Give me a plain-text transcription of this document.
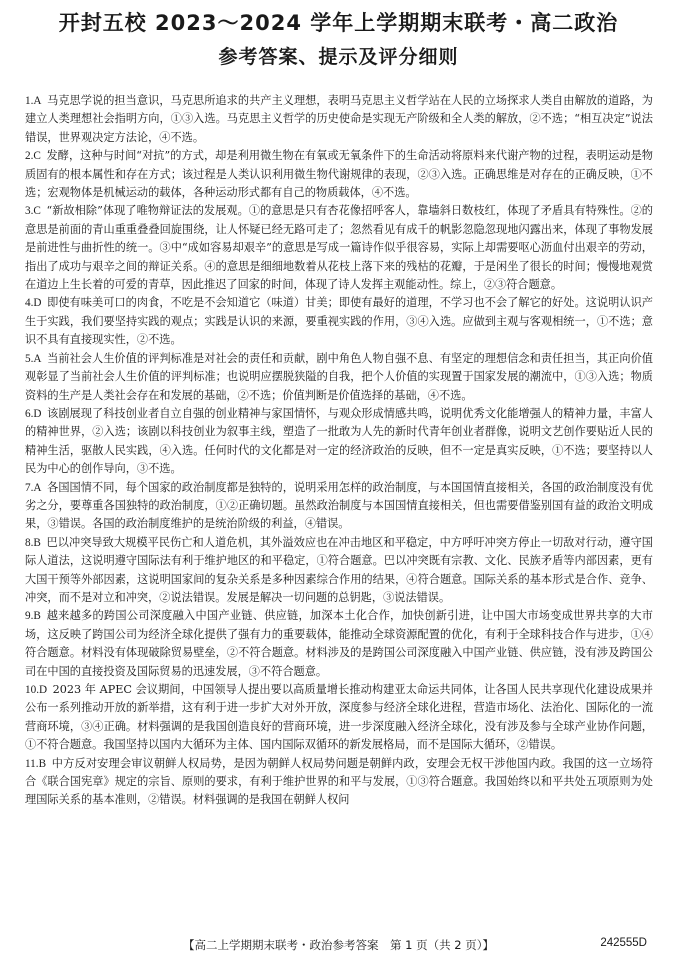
开封五校 2023～2024 学年上学期期末联考・高二政治
参考答案、提示及评分细则
1.A  马克思学说的担当意识，马克思所追求的共产主义理想，表明马克思主义哲学站在人民的立场探求人类自由解放的道路，为建立人类理想社会指明方向，①③入选。马克思主义哲学的历史使命是实现无产阶级和全人类的解放，②不选；“相互决定”说法错误，世界观决定方法论，④不选。
2.C  发酵，这种与时间“对抗”的方式，却是利用微生物在有氧或无氧条件下的生命活动将原料来代谢产物的过程，表明运动是物质固有的根本属性和存在方式；该过程是人类认识利用微生物代谢规律的表现，②③入选。正确思维是对存在的正确反映，①不选；宏观物体是机械运动的载体，各种运动形式都有自己的物质载体，④不选。
3.C  “新故相除”体现了唯物辩证法的发展观。①的意思是只有杏花像招呼客人，靠墙斜日数枝红，体现了矛盾具有特殊性。②的意思是前面的青山重重叠叠回旋围绕，让人怀疑已经无路可走了；忽然看见有成千的帆影忽隐忽现地闪露出来，体现了事物发展是前进性与曲折性的统一。③中“成如容易却艰辛”的意思是写成一篇诗作似乎很容易，实际上却需要呕心沥血付出艰辛的劳动，指出了成功与艰辛之间的辩证关系。④的意思是细细地数着从花枝上落下来的残枯的花瓣，于是闲坐了很长的时间；慢慢地观赏在道边上生长着的可爱的青草，因此推迟了回家的时间，体现了诗人发挥主观能动性。综上，②③符合题意。
4.D  即使有味美可口的肉食，不吃是不会知道它（味道）甘美；即使有最好的道理，不学习也不会了解它的好处。这说明认识产生于实践，我们要坚持实践的观点；实践是认识的来源，要重视实践的作用，③④入选。应做到主观与客观相统一，①不选；意识不具有直接现实性，②不选。
5.A  当前社会人生价值的评判标准是对社会的责任和贡献，剧中角色人物自强不息、有坚定的理想信念和责任担当，其正向价值观彰显了当前社会人生价值的评判标准；也说明应摆脱狭隘的自我，把个人价值的实现置于国家发展的潮流中，①③入选；物质资料的生产是人类社会存在和发展的基础，②不选；价值判断是价值选择的基础，④不选。
6.D  该剧展现了科技创业者自立自强的创业精神与家国情怀，与观众形成情感共鸣，说明优秀文化能增强人的精神力量，丰富人的精神世界，②入选；该剧以科技创业为叙事主线，塑造了一批敢为人先的新时代青年创业者群像，说明文艺创作要贴近人民的精神生活，驱散人民实践，④入选。任何时代的文化都是对一定的经济政治的反映，但不一定是真实反映，①不选；要坚持以人民为中心的创作导向，③不选。
7.A  各国国情不同，每个国家的政治制度都是独特的，说明采用怎样的政治制度，与本国国情直接相关，各国的政治制度没有优劣之分，要尊重各国独特的政治制度，①②正确切题。虽然政治制度与本国国情直接相关，但也需要借鉴别国有益的政治文明成果，③错误。各国的政治制度维护的是统治阶级的利益，④错误。
8.B  巴以冲突导致大规模平民伤亡和人道危机，其外溢效应也在冲击地区和平稳定，中方呼吁冲突方停止一切敌对行动，遵守国际人道法，这说明遵守国际法有利于维护地区的和平稳定，①符合题意。巴以冲突既有宗教、文化、民族矛盾等内部因素，更有大国干预等外部因素，这说明国家间的复杂关系是多种因素综合作用的结果，④符合题意。国际关系的基本形式是合作、竞争、冲突，而不是对立和冲突，②说法错误。发展是解决一切问题的总钥匙，③说法错误。
9.B  越来越多的跨国公司深度融入中国产业链、供应链，加深本土化合作，加快创新引进，让中国大市场变成世界共享的大市场，这反映了跨国公司为经济全球化提供了强有力的重要载体，能推动全球资源配置的优化，有利于全球科技合作与进步，①④符合题意。材料没有体现破除贸易壁垒，②不符合题意。材料涉及的是跨国公司深度融入中国产业链、供应链，没有涉及跨国公司在中国的直接投资及国际贸易的迅速发展，③不符合题意。
10.D  2023 年 APEC 会议期间，中国领导人提出要以高质量增长推动构建亚太命运共同体，让各国人民共享现代化建设成果并公布一系列推动开放的新举措，这有利于进一步扩大对外开放，深度参与经济全球化进程，营造市场化、法治化、国际化的一流营商环境，③④正确。材料强调的是我国创造良好的营商环境，进一步深度融入经济全球化，没有涉及参与全球产业协作问题，①不符合题意。我国坚持以国内大循环为主体、国内国际双循环的新发展格局，而不是国际大循环，②错误。
11.B  中方反对安理会审议朝鲜人权局势，是因为朝鲜人权局势问题是朝鲜内政，安理会无权干涉他国内政。我国的这一立场符合《联合国宪章》规定的宗旨、原则的要求，有利于维护世界的和平与发展，①③符合题意。我国始终以和平共处五项原则为处理国际关系的基本准则，②错误。材料强调的是我国在朝鲜人权问
【高二上学期期末联考・政治参考答案　第 1 页（共 2 页）】	242555D
